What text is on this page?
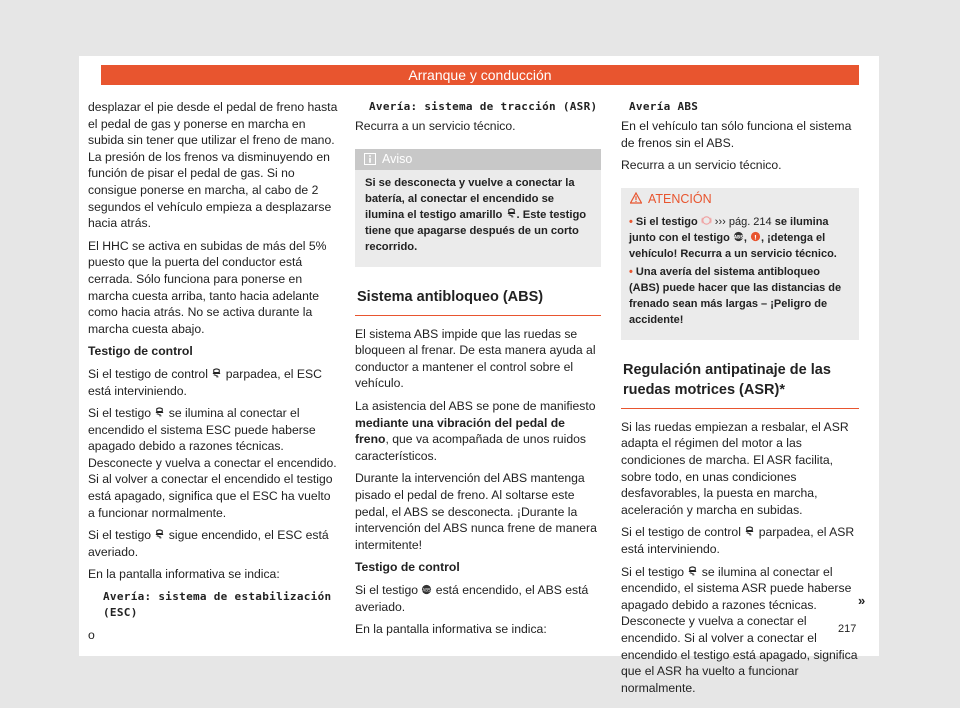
Arranque y conducción

desplazar el pie desde el pedal de freno hasta el pedal de gas y ponerse en marcha en subida sin tener que utilizar el freno de mano. La presión de los frenos va disminuyendo en función de pisar el pedal de gas. Si no consigue ponerse en marcha, al cabo de 2 segundos el vehículo empieza a desplazarse hacia atrás.

El HHC se activa en subidas de más del 5% puesto que la puerta del conductor está cerrada. Sólo funciona para ponerse en marcha cuesta arriba, tanto hacia adelante como hacia atrás. No se activa durante la marcha cuesta abajo.

Testigo de control

Si el testigo de control parpadea, el ESC está interviniendo.

Si el testigo se ilumina al conectar el encendido el sistema ESC puede haberse apagado debido a razones técnicas. Desconecte y vuelva a conectar el encendido. Si al volver a conectar el encendido el testigo está apagado, significa que el ESC ha vuelto a funcionar normalmente.

Si el testigo sigue encendido, el ESC está averiado.

En la pantalla informativa se indica:

Avería: sistema de estabilización (ESC)

o

Avería: sistema de tracción (ASR)

Recurra a un servicio técnico.

Aviso
Si se desconecta y vuelve a conectar la batería, al conectar el encendido se ilumina el testigo amarillo . Este testigo tiene que apagarse después de un corto recorrido.
Sistema antibloqueo (ABS)

El sistema ABS impide que las ruedas se bloqueen al frenar. De esta manera ayuda al conductor a mantener el control sobre el vehículo.

La asistencia del ABS se pone de manifiesto mediante una vibración del pedal de freno, que va acompañada de unos ruidos característicos.

Durante la intervención del ABS mantenga pisado el pedal de freno. Al soltarse este pedal, el ABS se desconecta. ¡Durante la intervención del ABS nunca frene de manera intermitente!

Testigo de control

Si el testigo ABS está encendido, el ABS está averiado.

En la pantalla informativa se indica:

Avería ABS

En el vehículo tan sólo funciona el sistema de frenos sin el ABS.

Recurra a un servicio técnico.

ATENCIÓN

• Si el testigo ››› pág. 214 se ilumina junto con el testigo ABS , ! , ¡detenga el vehículo! Recurra a un servicio técnico.

• Una avería del sistema antibloqueo (ABS) puede hacer que las distancias de frenado sean más largas – ¡Peligro de accidente!

Regulación antipatinaje de las ruedas motrices (ASR)*

Si las ruedas empiezan a resbalar, el ASR adapta el régimen del motor a las condiciones de marcha. El ASR facilita, sobre todo, en unas condiciones desfavorables, la puesta en marcha, aceleración y marcha en subidas.

Si el testigo de control parpadea, el ASR está interviniendo.

Si el testigo se ilumina al conectar el encendido, el sistema ASR puede haberse apagado debido a razones técnicas. Desconecte y vuelva a conectar el encendido. Si al volver a conectar el encendido el testigo está apagado, significa que el ASR ha vuelto a funcionar normalmente.

»
217
